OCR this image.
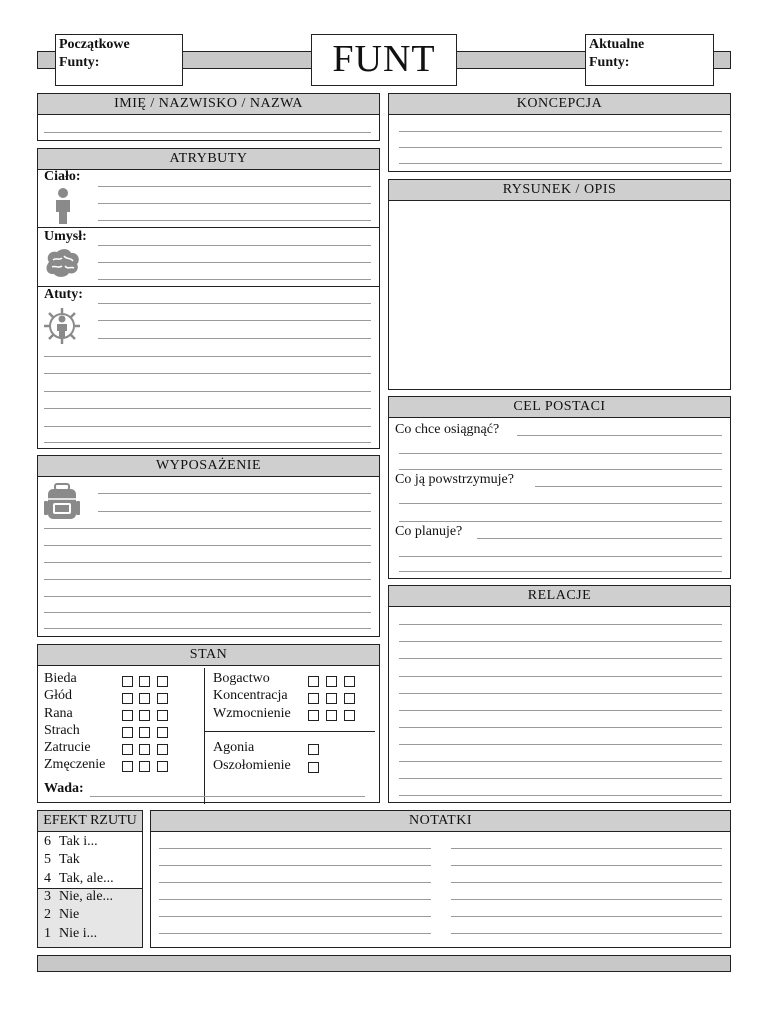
Początkowe
Funty:	FUNT	Aktualne
Funty:
IMIĘ / NAZWISKO / NAZWA	KONCEPCJA
ATRYBUTY
Ciało:
Umysł:
Atuty:
RYSUNEK / OPIS
CEL POSTACI
Co chce osiągnąć?
Co ją powstrzymuje?
Co planuje?
WYPOSAŻENIE
RELACJE
STAN
Bieda
Głód
Rana
Strach
Zatrucie
Zmęczenie
Bogactwo
Koncentracja
Wzmocnienie
Agonia
Oszołomienie
Wada:
EFEKT RZUTU
6 Tak i...
5 Tak
4 Tak, ale...
3 Nie, ale...
2 Nie
1 Nie i...
NOTATKI
